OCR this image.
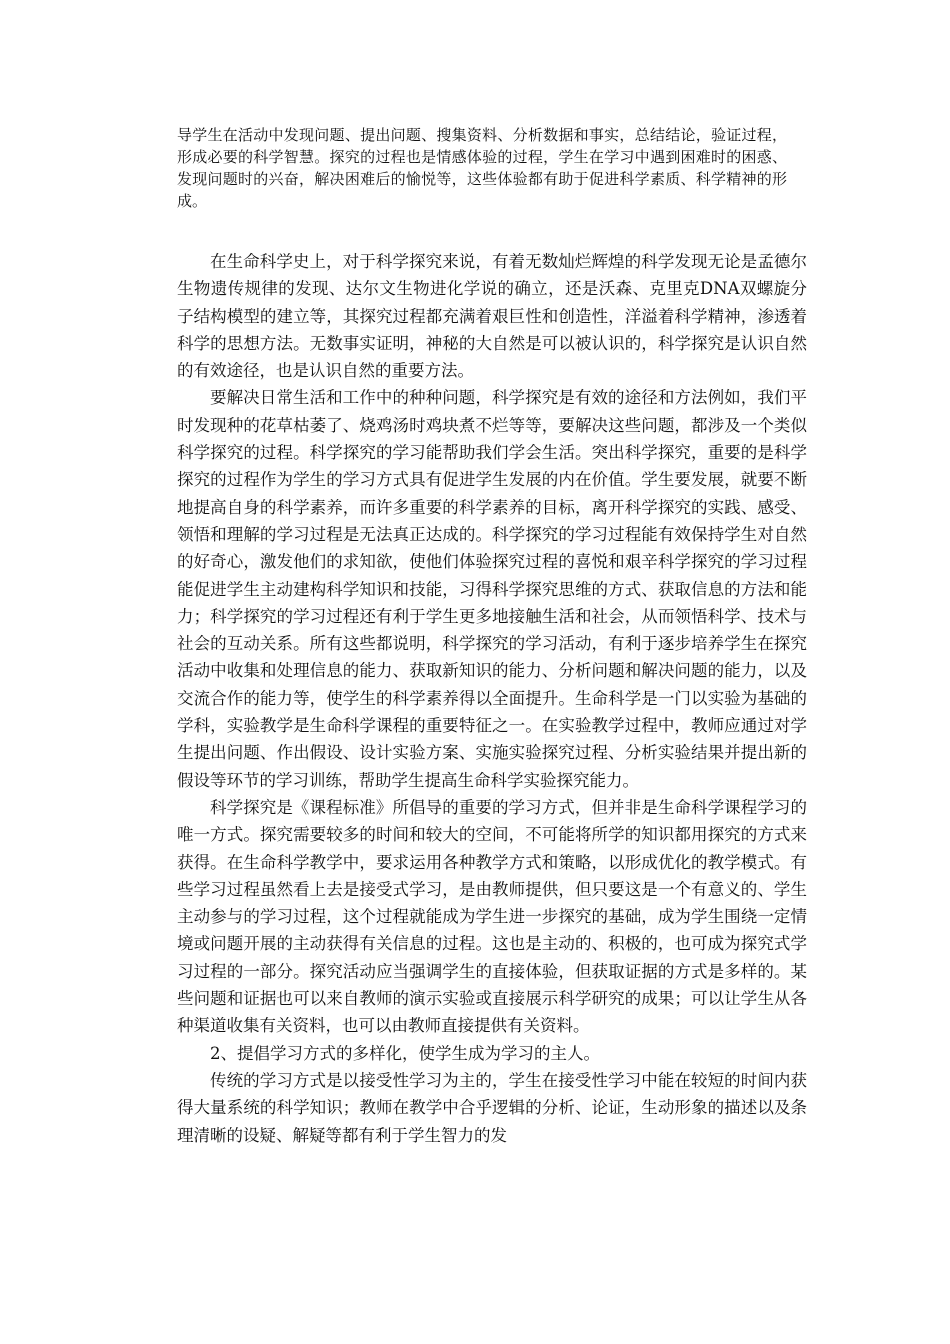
导学生在活动中发现问题、提出问题、搜集资料、分析数据和事实，总结结论，验证过程，形成必要的科学智慧。探究的过程也是情感体验的过程，学生在学习中遇到困难时的困惑、发现问题时的兴奋，解决困难后的愉悦等，这些体验都有助于促进科学素质、科学精神的形成。

在生命科学史上，对于科学探究来说，有着无数灿烂辉煌的科学发现无论是孟德尔生物遗传规律的发现、达尔文生物进化学说的确立，还是沃森、克里克DNA双螺旋分子结构模型的建立等，其探究过程都充满着艰巨性和创造性，洋溢着科学精神，渗透着科学的思想方法。无数事实证明，神秘的大自然是可以被认识的，科学探究是认识自然的有效途径，也是认识自然的重要方法。

要解决日常生活和工作中的种种问题，科学探究是有效的途径和方法例如，我们平时发现种的花草枯萎了、烧鸡汤时鸡块煮不烂等等，要解决这些问题，都涉及一个类似科学探究的过程。科学探究的学习能帮助我们学会生活。突出科学探究，重要的是科学探究的过程作为学生的学习方式具有促进学生发展的内在价值。学生要发展，就要不断地提高自身的科学素养，而许多重要的科学素养的目标，离开科学探究的实践、感受、领悟和理解的学习过程是无法真正达成的。科学探究的学习过程能有效保持学生对自然的好奇心，激发他们的求知欲，使他们体验探究过程的喜悦和艰辛科学探究的学习过程能促进学生主动建构科学知识和技能，习得科学探究思维的方式、获取信息的方法和能力；科学探究的学习过程还有利于学生更多地接触生活和社会，从而领悟科学、技术与社会的互动关系。所有这些都说明，科学探究的学习活动，有利于逐步培养学生在探究活动中收集和处理信息的能力、获取新知识的能力、分析问题和解决问题的能力，以及交流合作的能力等，使学生的科学素养得以全面提升。生命科学是一门以实验为基础的学科，实验教学是生命科学课程的重要特征之一。在实验教学过程中，教师应通过对学生提出问题、作出假设、设计实验方案、实施实验探究过程、分析实验结果并提出新的假设等环节的学习训练，帮助学生提高生命科学实验探究能力。

科学探究是《课程标准》所倡导的重要的学习方式，但并非是生命科学课程学习的唯一方式。探究需要较多的时间和较大的空间，不可能将所学的知识都用探究的方式来获得。在生命科学教学中，要求运用各种教学方式和策略，以形成优化的教学模式。有些学习过程虽然看上去是接受式学习，是由教师提供，但只要这是一个有意义的、学生主动参与的学习过程，这个过程就能成为学生进一步探究的基础，成为学生围绕一定情境或问题开展的主动获得有关信息的过程。这也是主动的、积极的，也可成为探究式学习过程的一部分。探究活动应当强调学生的直接体验，但获取证据的方式是多样的。某些问题和证据也可以来自教师的演示实验或直接展示科学研究的成果；可以让学生从各种渠道收集有关资料，也可以由教师直接提供有关资料。

2、提倡学习方式的多样化，使学生成为学习的主人。

传统的学习方式是以接受性学习为主的，学生在接受性学习中能在较短的时间内获得大量系统的科学知识；教师在教学中合乎逻辑的分析、论证，生动形象的描述以及条理清晰的设疑、解疑等都有利于学生智力的发
